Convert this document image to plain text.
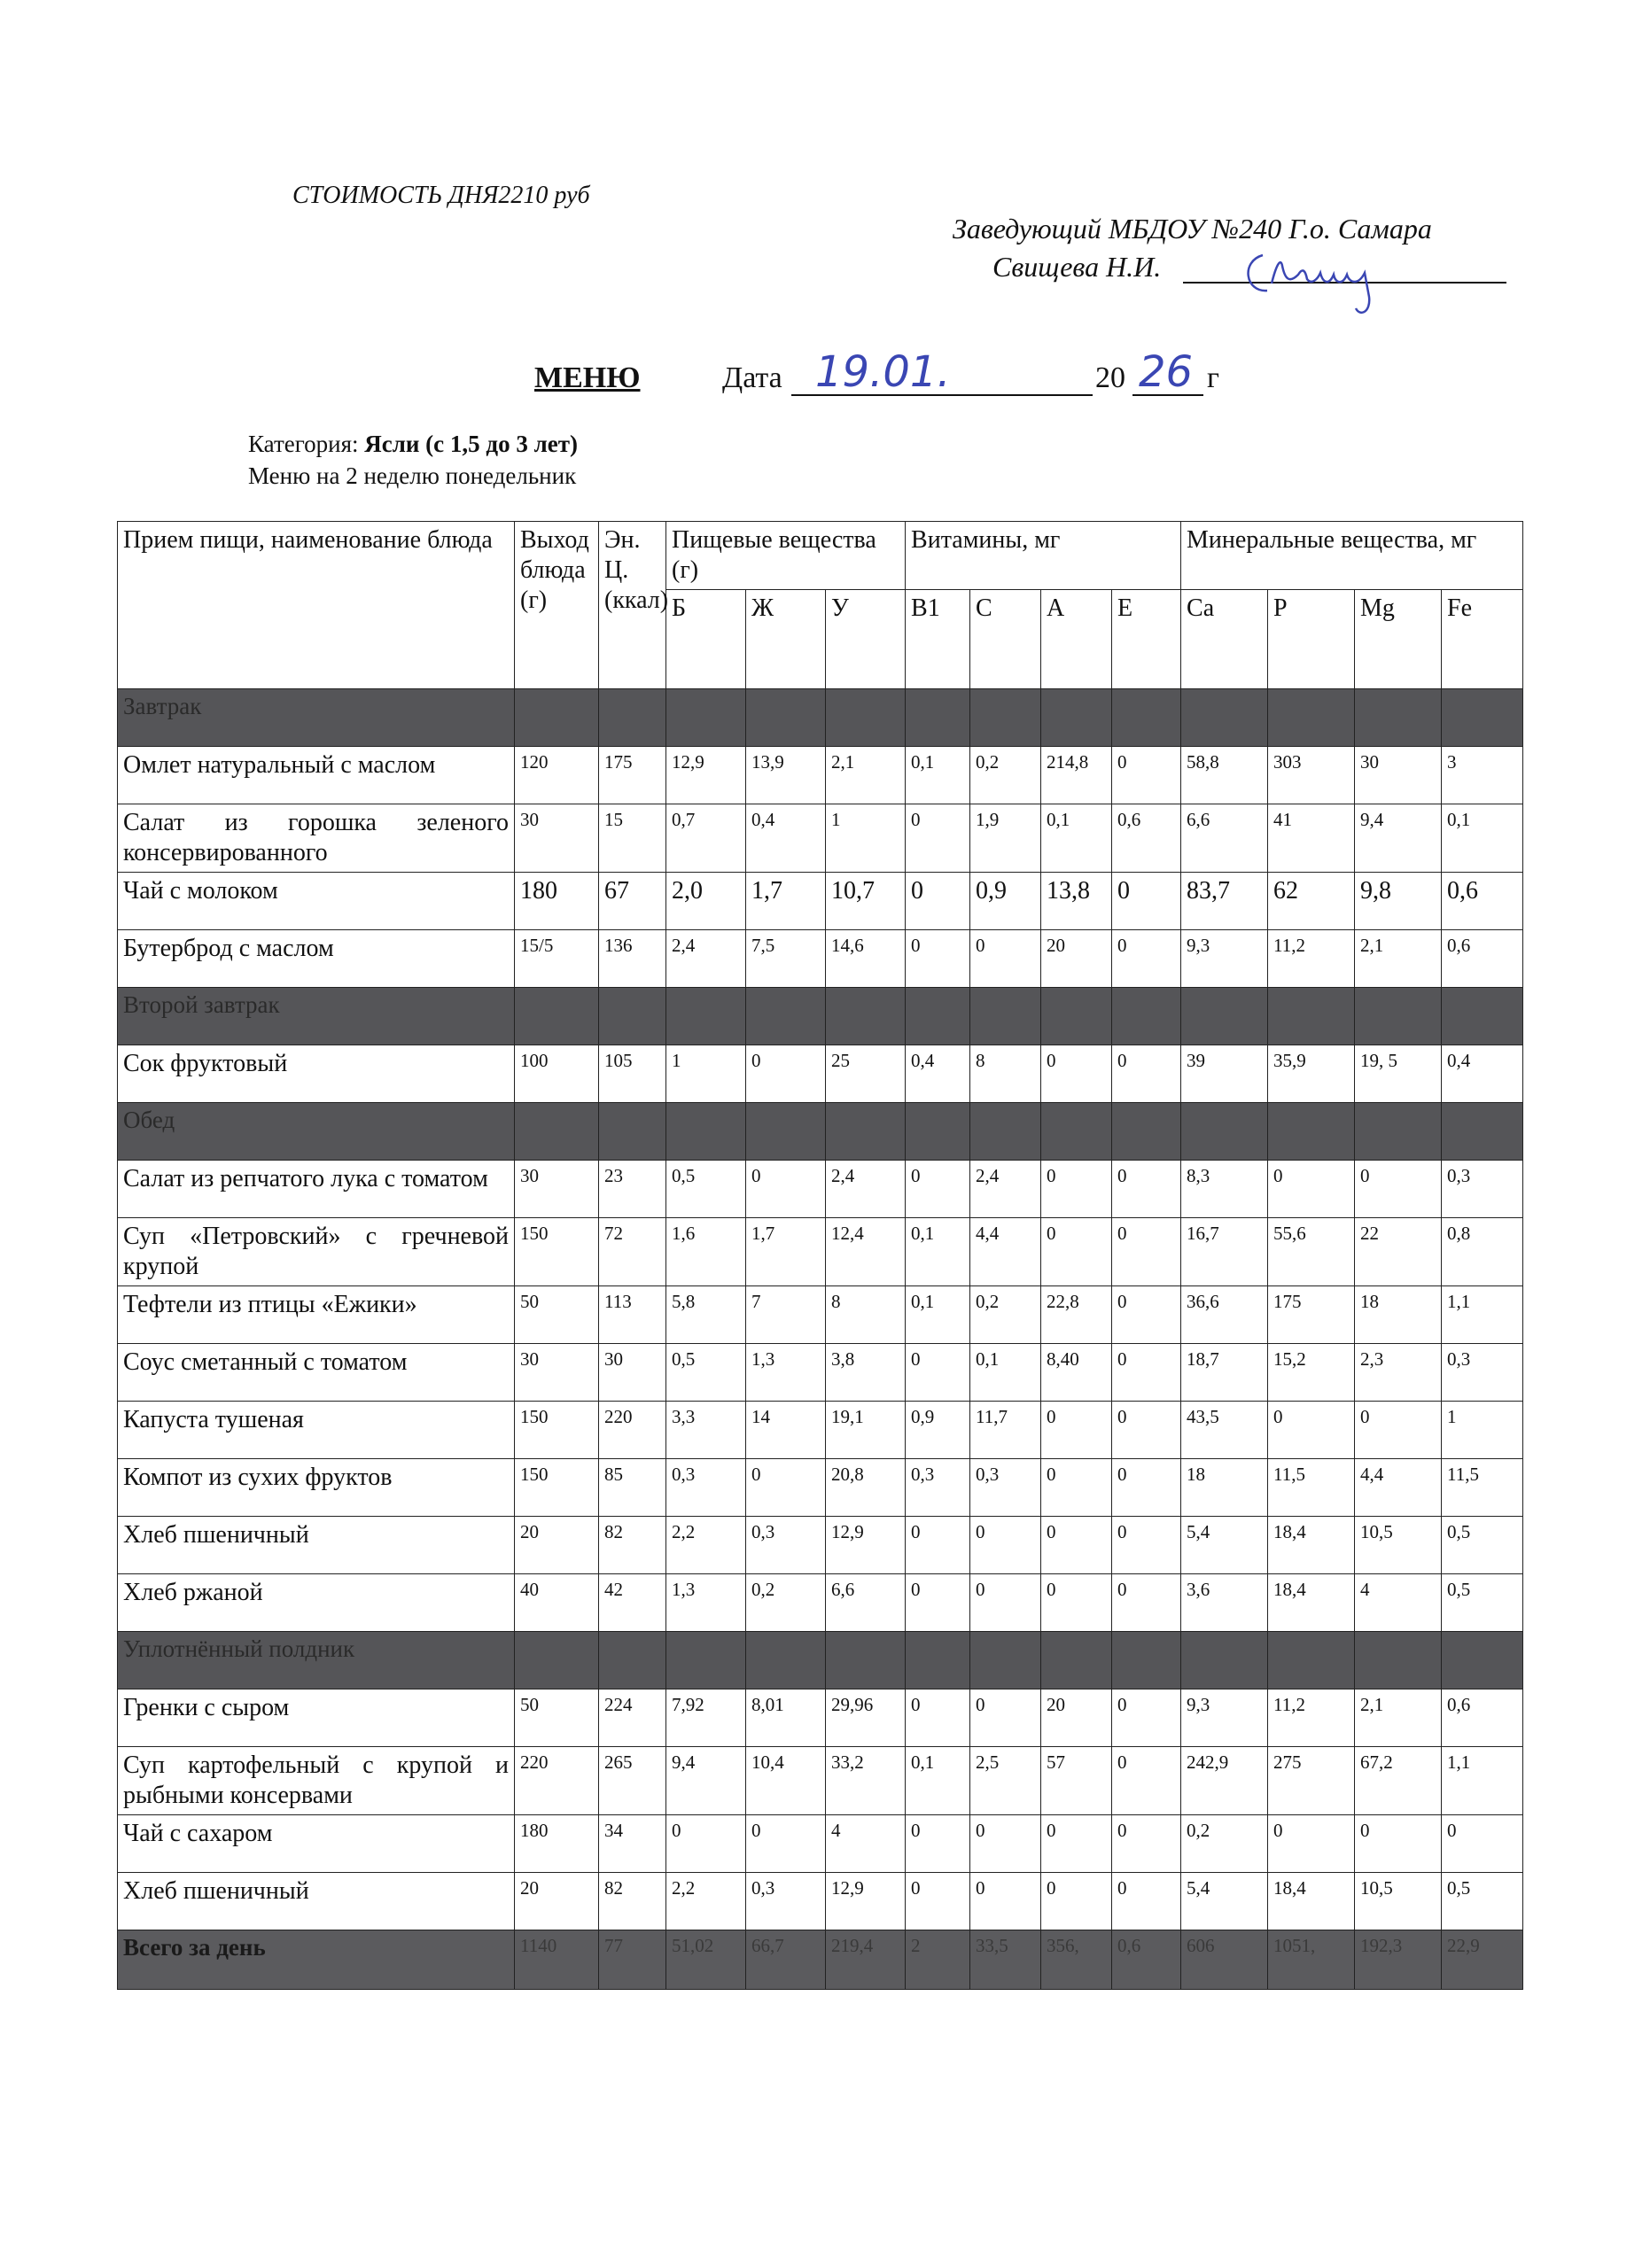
СТОИМОСТЬ ДНЯ2210 руб
Заведующий МБДОУ №240 Г.о. Самара
Свищева Н.И.
МЕНЮ	Дата 19.01.	20 26 г
Категория: Ясли (с 1,5 до 3 лет)
Меню на 2 неделю понедельник
Прием пищи, наименование блюда	Выход блюда (г)	Эн. Ц. (ккал)	Пищевые вещества (г)			Витамины, мг				Минеральные вещества, мг			
			Б	Ж	У	В1	С	А	Е	Са	Р	Mg	Fe
Завтрак													
Омлет натуральный с маслом	120	175	12,9	13,9	2,1	0,1	0,2	214,8	0	58,8	303	30	3
Салат из горошка зеленого консервированного	30	15	0,7	0,4	1	0	1,9	0,1	0,6	6,6	41	9,4	0,1
Чай с молоком	180	67	2,0	1,7	10,7	0	0,9	13,8	0	83,7	62	9,8	0,6
Бутерброд с маслом	15/5	136	2,4	7,5	14,6	0	0	20	0	9,3	11,2	2,1	0,6
Второй завтрак													
Сок фруктовый	100	105	1	0	25	0,4	8	0	0	39	35,9	19, 5	0,4
Обед													
Салат из репчатого лука с томатом	30	23	0,5	0	2,4	0	2,4	0	0	8,3	0	0	0,3
Суп «Петровский» с гречневой крупой	150	72	1,6	1,7	12,4	0,1	4,4	0	0	16,7	55,6	22	0,8
Тефтели из птицы «Ежики»	50	113	5,8	7	8	0,1	0,2	22,8	0	36,6	175	18	1,1
Соус сметанный с томатом	30	30	0,5	1,3	3,8	0	0,1	8,40	0	18,7	15,2	2,3	0,3
Капуста тушеная	150	220	3,3	14	19,1	0,9	11,7	0	0	43,5	0	0	1
Компот из сухих фруктов	150	85	0,3	0	20,8	0,3	0,3	0	0	18	11,5	4,4	11,5
Хлеб пшеничный	20	82	2,2	0,3	12,9	0	0	0	0	5,4	18,4	10,5	0,5
Хлеб ржаной	40	42	1,3	0,2	6,6	0	0	0	0	3,6	18,4	4	0,5
Уплотнённый полдник													
Гренки с сыром	50	224	7,92	8,01	29,96	0	0	20	0	9,3	11,2	2,1	0,6
Суп картофельный с крупой и рыбными консервами	220	265	9,4	10,4	33,2	0,1	2,5	57	0	242,9	275	67,2	1,1
Чай с сахаром	180	34	0	0	4	0	0	0	0	0,2	0	0	0
Хлеб пшеничный	20	82	2,2	0,3	12,9	0	0	0	0	5,4	18,4	10,5	0,5
Всего за день	1140	77	51,02	66,7	219,4	2	33,5	356,	0,6	606	1051,	192,3	22,9
